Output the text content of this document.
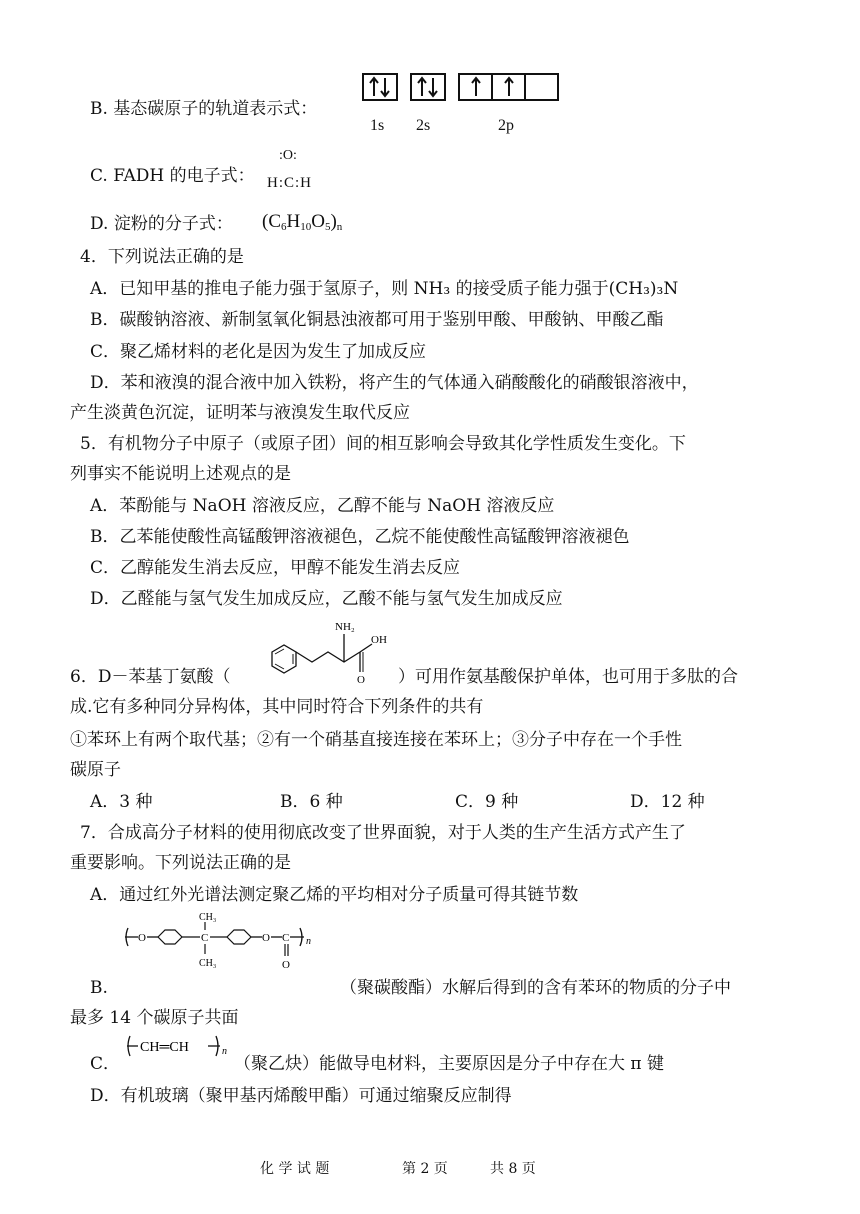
B. 基态碳原子的轨道表示式：
1s 2s	2p
C. FADH 的电子式：
:O:
H:C:H
D. 淀粉的分子式： $(C_6H_{10}O_5)_n$
4．下列说法正确的是
A．已知甲基的推电子能力强于氢原子，则 NH₃ 的接受质子能力强于(CH₃)₃N
B．碳酸钠溶液、新制氢氧化铜悬浊液都可用于鉴别甲酸、甲酸钠、甲酸乙酯
C．聚乙烯材料的老化是因为发生了加成反应
D．苯和液溴的混合液中加入铁粉，将产生的气体通入硝酸酸化的硝酸银溶液中，
产生淡黄色沉淀，证明苯与液溴发生取代反应
5．有机物分子中原子（或原子团）间的相互影响会导致其化学性质发生变化。下
列事实不能说明上述观点的是
A．苯酚能与 NaOH 溶液反应，乙醇不能与 NaOH 溶液反应
B．乙苯能使酸性高锰酸钾溶液褪色，乙烷不能使酸性高锰酸钾溶液褪色
C．乙醇能发生消去反应，甲醇不能发生消去反应
D．乙醛能与氢气发生加成反应，乙酸不能与氢气发生加成反应
6．D－苯基丁氨酸（
NH₂
OH
O ）可用作氨基酸保护单体，也可用于多肽的合
成.它有多种同分异构体，其中同时符合下列条件的共有
①苯环上有两个取代基；②有一个硝基直接连接在苯环上；③分子中存在一个手性
碳原子
A．3 种	B．6 种	C．9 种	D．12 种
7．合成高分子材料的使用彻底改变了世界面貌，对于人类的生产生活方式产生了
重要影响。下列说法正确的是
A．通过红外光谱法测定聚乙烯的平均相对分子质量可得其链节数
O	C
CH₃
CH₃
O C
O
n
B.	（聚碳酸酯）水解后得到的含有苯环的物质的分子中
最多 14 个碳原子共面
C．
CH═CH	n
（聚乙炔）能做导电材料，主要原因是分子中存在大 π 键
D．有机玻璃（聚甲基丙烯酸甲酯）可通过缩聚反应制得
化 学 试 题	第 2 页	共 8 页
